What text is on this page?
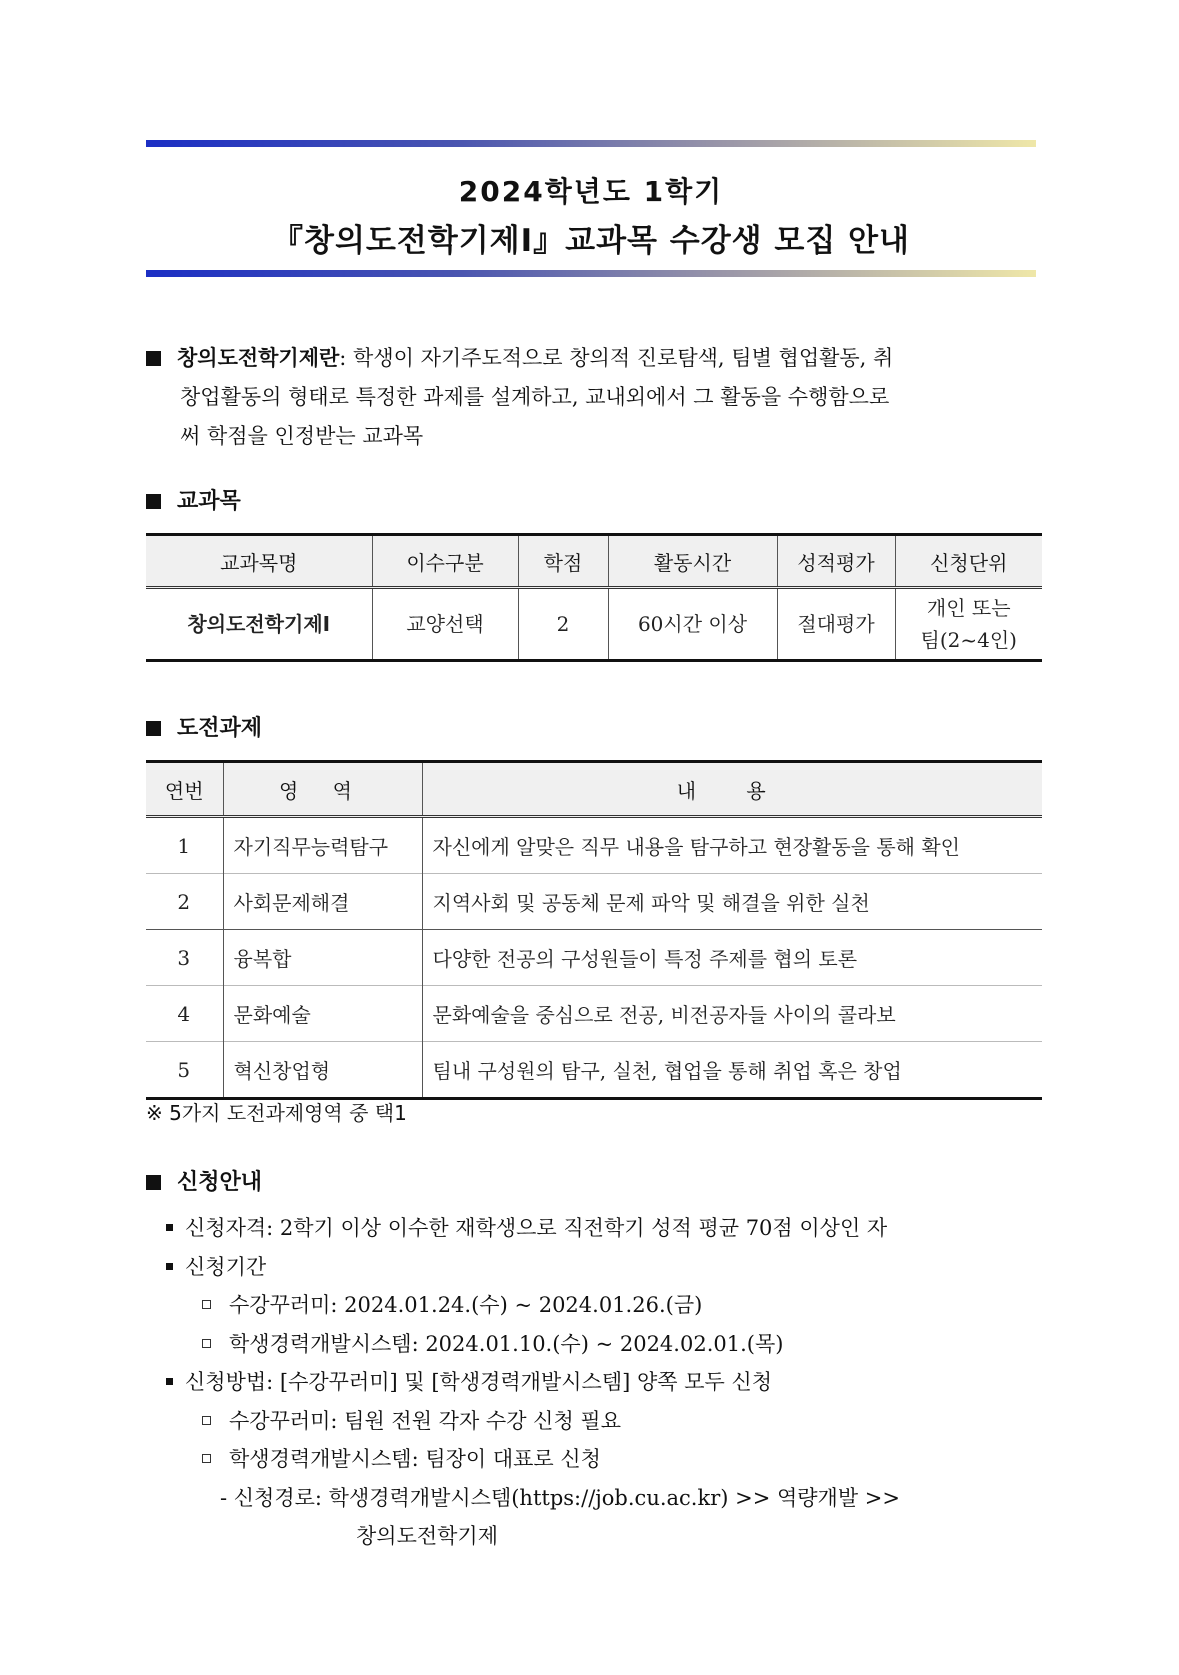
2024학년도 1학기
『창의도전학기제Ⅰ』교과목 수강생 모집 안내
창의도전학기제란: 학생이 자기주도적으로 창의적 진로탐색, 팀별 협업활동, 취
창업활동의 형태로 특정한 과제를 설계하고, 교내외에서 그 활동을 수행함으로
써 학점을 인정받는 교과목
교과목
교과목명	이수구분	학점	활동시간	성적평가	신청단위
창의도전학기제Ⅰ	교양선택	2	60시간 이상	절대평가	개인 또는
팀(2~4인)
도전과제
연번	영 역	내 용
1	자기직무능력탐구	자신에게 알맞은 직무 내용을 탐구하고 현장활동을 통해 확인
2	사회문제해결	지역사회 및 공동체 문제 파악 및 해결을 위한 실천
3	융복합	다양한 전공의 구성원들이 특정 주제를 협의 토론
4	문화예술	문화예술을 중심으로 전공, 비전공자들 사이의 콜라보
5	혁신창업형	팀내 구성원의 탐구, 실천, 협업을 통해 취업 혹은 창업
※ 5가지 도전과제영역 중 택1
신청안내
신청자격: 2학기 이상 이수한 재학생으로 직전학기 성적 평균 70점 이상인 자
신청기간
수강꾸러미: 2024.01.24.(수) ~ 2024.01.26.(금)
학생경력개발시스템: 2024.01.10.(수) ~ 2024.02.01.(목)
신청방법: [수강꾸러미] 및 [학생경력개발시스템] 양쪽 모두 신청
수강꾸러미: 팀원 전원 각자 수강 신청 필요
학생경력개발시스템: 팀장이 대표로 신청
- 신청경로: 학생경력개발시스템(https://job.cu.ac.kr) >> 역량개발 >>
창의도전학기제
